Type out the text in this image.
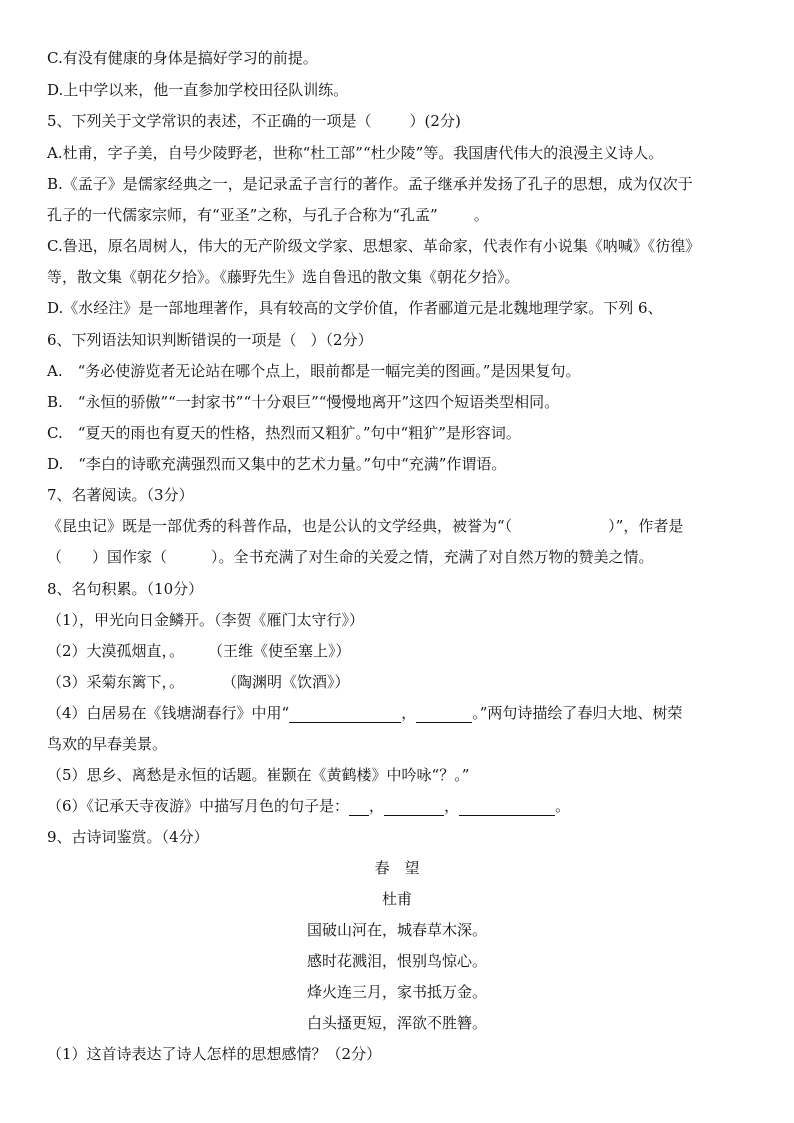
C.有没有健康的身体是搞好学习的前提。
D.上中学以来，他一直参加学校田径队训练。
5、下列关于文学常识的表述，不正确的一项是（	）(2分)
A.杜甫，字子美，自号少陵野老，世称“杜工部”“杜少陵”等。我国唐代伟大的浪漫主义诗人。
B.《孟子》是儒家经典之一，是记录孟子言行的著作。孟子继承并发扬了孔子的思想，成为仅次于
孔子的一代儒家宗师，有“亚圣”之称，与孔子合称为“孔孟” 。
C.鲁迅，原名周树人，伟大的无产阶级文学家、思想家、革命家，代表作有小说集《呐喊》《彷徨》
等，散文集《朝花夕拾》。《藤野先生》选自鲁迅的散文集《朝花夕拾》。
D.《水经注》是一部地理著作，具有较高的文学价值，作者郦道元是北魏地理学家。下列 6、
6、下列语法知识判断错误的一项是（ ）（2分）
A.　“务必使游览者无论站在哪个点上，眼前都是一幅完美的图画。”是因果复句。
B.　“永恒的骄傲”“一封家书”“十分艰巨”“慢慢地离开”这四个短语类型相同。
C.　“夏天的雨也有夏天的性格，热烈而又粗犷。”句中“粗犷”是形容词。
D.　“李白的诗歌充满强烈而又集中的艺术力量。”句中“充满”作谓语。
7、名著阅读。（3分）
《昆虫记》既是一部优秀的科普作品，也是公认的文学经典，被誉为“（	）”，作者是
（ ）国作家（	）。全书充满了对生命的关爱之情，充满了对自然万物的赞美之情。
8、名句积累。（10分）
（1），甲光向日金鳞开。（李贺《雁门太守行》）
（2）大漠孤烟直，。 （王维《使至塞上》）
（3）采菊东篱下，。	（陶渊明《饮酒》）
（4）白居易在《钱塘湖春行》中用“	，	。”两句诗描绘了春归大地、树荣
鸟欢的早春美景。
（5）思乡、离愁是永恒的话题。崔颢在《黄鹤楼》中吟咏“？。”
（6）《记承天寺夜游》中描写月色的句子是： ，	，	。
9、古诗词鉴赏。（4分）
春　望
杜甫
国破山河在，城春草木深。
感时花溅泪，恨别鸟惊心。
烽火连三月，家书抵万金。
白头搔更短，浑欲不胜簪。
（1）这首诗表达了诗人怎样的思想感情？（2分）
